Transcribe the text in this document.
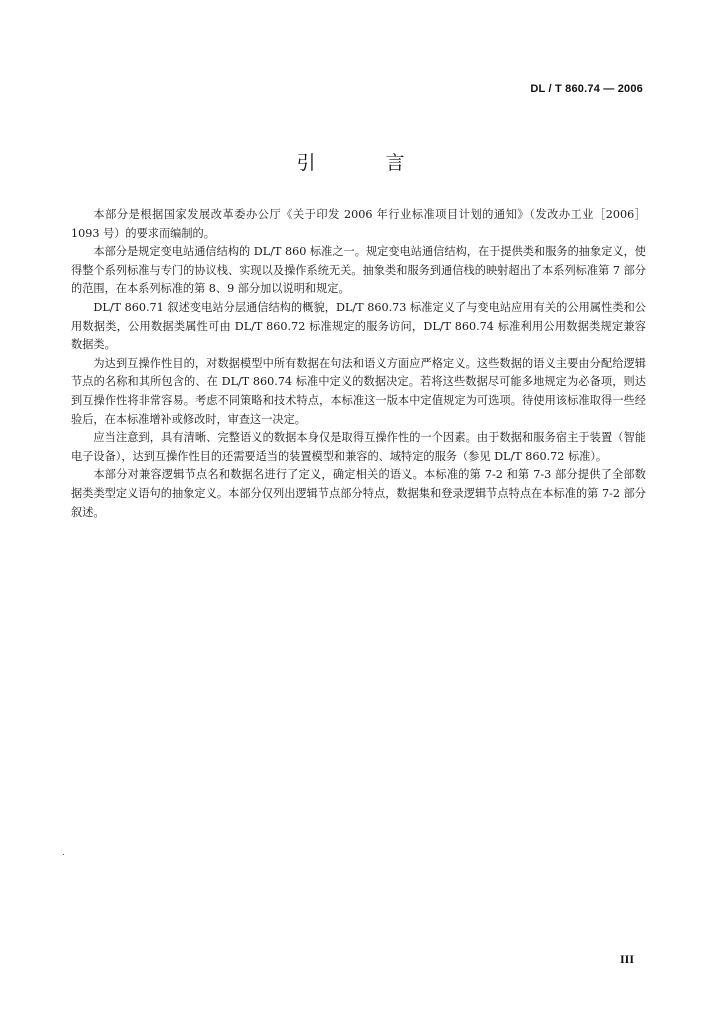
DL / T 860.74 — 2006
引 言

本部分是根据国家发展改革委办公厅《关于印发 2006 年行业标准项目计划的通知》（发改办工业［2006］1093 号）的要求而编制的。

本部分是规定变电站通信结构的 DL/T 860 标准之一。规定变电站通信结构，在于提供类和服务的抽象定义，使得整个系列标准与专门的协议栈、实现以及操作系统无关。抽象类和服务到通信栈的映射超出了本系列标准第 7 部分的范围，在本系列标准的第 8、9 部分加以说明和规定。

DL/T 860.71 叙述变电站分层通信结构的概貌，DL/T 860.73 标准定义了与变电站应用有关的公用属性类和公用数据类，公用数据类属性可由 DL/T 860.72 标准规定的服务访问，DL/T 860.74 标准利用公用数据类规定兼容数据类。

为达到互操作性目的，对数据模型中所有数据在句法和语义方面应严格定义。这些数据的语义主要由分配给逻辑节点的名称和其所包含的、在 DL/T 860.74 标准中定义的数据决定。若将这些数据尽可能多地规定为必备项，则达到互操作性将非常容易。考虑不同策略和技术特点，本标准这一版本中定值规定为可选项。待使用该标准取得一些经验后，在本标准增补或修改时，审查这一决定。

应当注意到，具有清晰、完整语义的数据本身仅是取得互操作性的一个因素。由于数据和服务宿主于装置（智能电子设备），达到互操作性目的还需要适当的装置模型和兼容的、域特定的服务（参见 DL/T 860.72 标准）。

本部分对兼容逻辑节点名和数据名进行了定义，确定相关的语义。本标准的第 7-2 和第 7-3 部分提供了全部数据类类型定义语句的抽象定义。本部分仅列出逻辑节点部分特点，数据集和登录逻辑节点特点在本标准的第 7-2 部分叙述。

III
